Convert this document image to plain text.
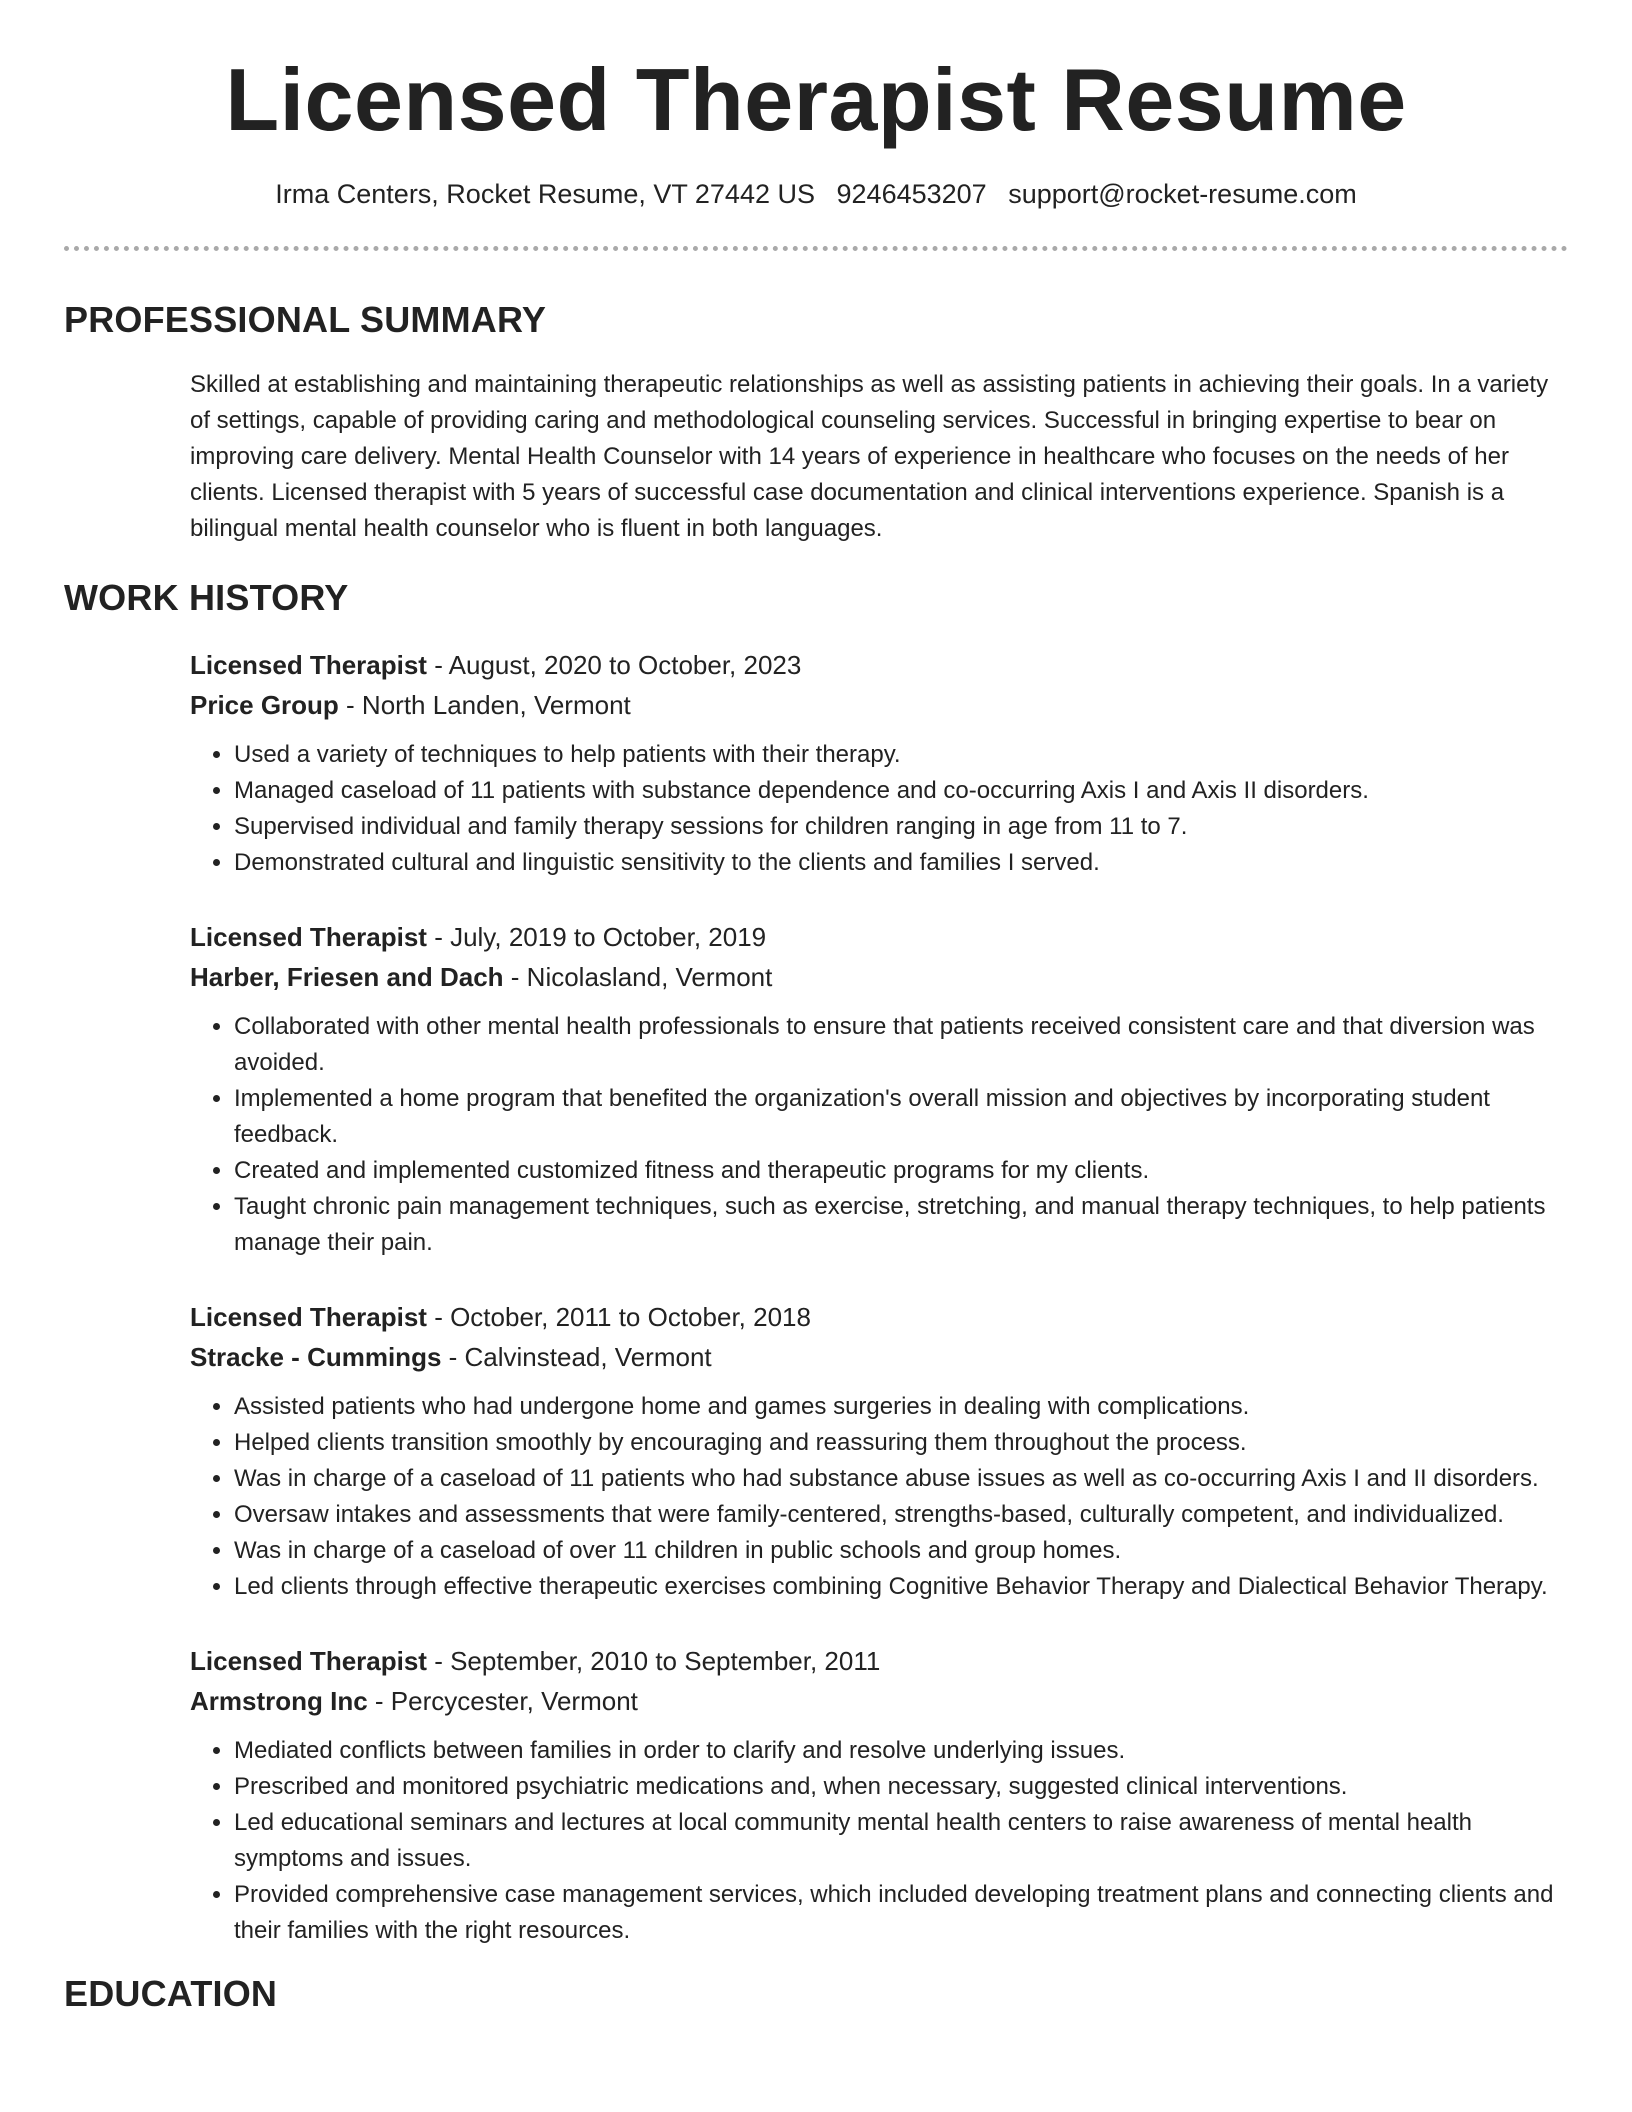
Licensed Therapist Resume
Irma Centers, Rocket Resume, VT 27442 US 9246453207 support@rocket-resume.com
PROFESSIONAL SUMMARY

Skilled at establishing and maintaining therapeutic relationships as well as assisting patients in achieving their goals. In a variety of settings, capable of providing caring and methodological counseling services. Successful in bringing expertise to bear on improving care delivery. Mental Health Counselor with 14 years of experience in healthcare who focuses on the needs of her clients. Licensed therapist with 5 years of successful case documentation and clinical interventions experience. Spanish is a bilingual mental health counselor who is fluent in both languages.

WORK HISTORY
Licensed Therapist - August, 2020 to October, 2023
Price Group - North Landen, Vermont
• Used a variety of techniques to help patients with their therapy.
• Managed caseload of 11 patients with substance dependence and co-occurring Axis I and Axis II disorders.
• Supervised individual and family therapy sessions for children ranging in age from 11 to 7.
• Demonstrated cultural and linguistic sensitivity to the clients and families I served.
Licensed Therapist - July, 2019 to October, 2019
Harber, Friesen and Dach - Nicolasland, Vermont
• Collaborated with other mental health professionals to ensure that patients received consistent care and that diversion was avoided.
• Implemented a home program that benefited the organization's overall mission and objectives by incorporating student feedback.
• Created and implemented customized fitness and therapeutic programs for my clients.
• Taught chronic pain management techniques, such as exercise, stretching, and manual therapy techniques, to help patients manage their pain.
Licensed Therapist - October, 2011 to October, 2018
Stracke - Cummings - Calvinstead, Vermont
• Assisted patients who had undergone home and games surgeries in dealing with complications.
• Helped clients transition smoothly by encouraging and reassuring them throughout the process.
• Was in charge of a caseload of 11 patients who had substance abuse issues as well as co-occurring Axis I and II disorders.
• Oversaw intakes and assessments that were family-centered, strengths-based, culturally competent, and individualized.
• Was in charge of a caseload of over 11 children in public schools and group homes.
• Led clients through effective therapeutic exercises combining Cognitive Behavior Therapy and Dialectical Behavior Therapy.
Licensed Therapist - September, 2010 to September, 2011
Armstrong Inc - Percycester, Vermont
• Mediated conflicts between families in order to clarify and resolve underlying issues.
• Prescribed and monitored psychiatric medications and, when necessary, suggested clinical interventions.
• Led educational seminars and lectures at local community mental health centers to raise awareness of mental health symptoms and issues.
• Provided comprehensive case management services, which included developing treatment plans and connecting clients and their families with the right resources.
EDUCATION
